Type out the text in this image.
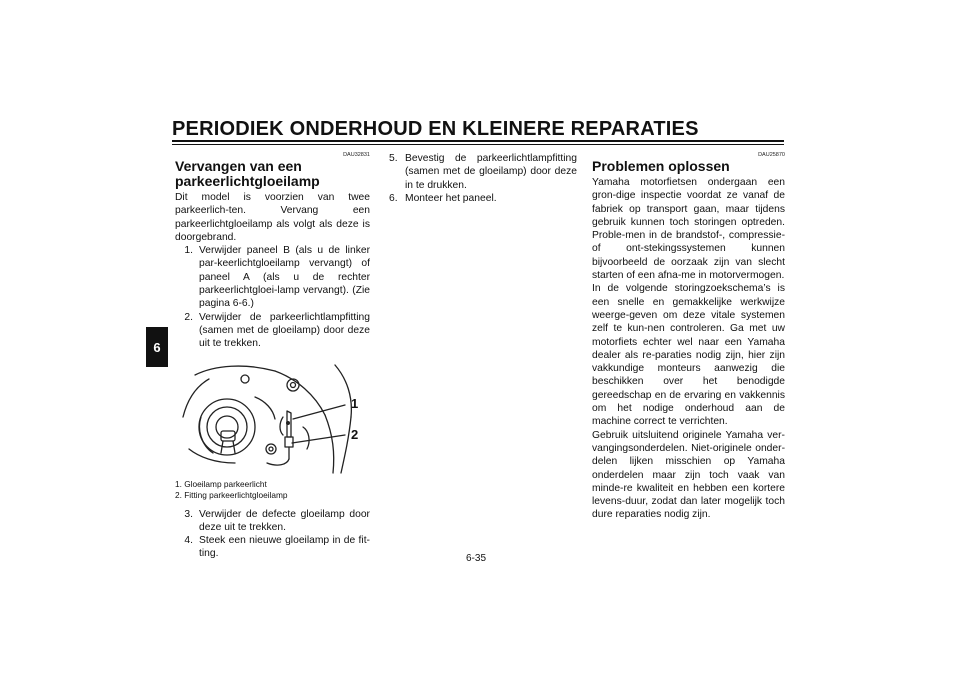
PERIODIEK ONDERHOUD EN KLEINERE REPARATIES
6
DAU32831
Vervangen van een parkeerlichtgloeilamp

Dit model is voorzien van twee parkeerlich-ten. Vervang een parkeerlichtgloeilamp als volgt als deze is doorgebrand.

1. Verwijder paneel B (als u de linker par-keerlichtgloeilamp vervangt) of paneel A (als u de rechter parkeerlichtgloei-lamp vervangt). (Zie pagina 6-6.)
2. Verwijder de parkeerlichtlampfitting (samen met de gloeilamp) door deze uit te trekken.
1
2
1. Gloeilamp parkeerlicht
2. Fitting parkeerlichtgloeilamp
3. Verwijder de defecte gloeilamp door deze uit te trekken.
4. Steek een nieuwe gloeilamp in de fit-ting.
5. Bevestig de parkeerlichtlampfitting (samen met de gloeilamp) door deze in te drukken.
6. Monteer het paneel.
DAU25870
Problemen oplossen

Yamaha motorfietsen ondergaan een gron-dige inspectie voordat ze vanaf de fabriek op transport gaan, maar tijdens gebruik kunnen toch storingen optreden. Proble-men in de brandstof-, compressie- of ont-stekingssystemen kunnen bijvoorbeeld de oorzaak zijn van slecht starten of een afna-me in motorvermogen.

In de volgende storingzoekschema’s is een snelle en gemakkelijke werkwijze weerge-geven om deze vitale systemen zelf te kun-nen controleren. Ga met uw motorfiets echter wel naar een Yamaha dealer als re-paraties nodig zijn, hier zijn vakkundige monteurs aanwezig die beschikken over het benodigde gereedschap en de ervaring en vakkennis om het nodige onderhoud aan de machine correct te verrichten.

Gebruik uitsluitend originele Yamaha ver-vangingsonderdelen. Niet-originele onder-delen lijken misschien op Yamaha onderdelen maar zijn toch vaak van minde-re kwaliteit en hebben een kortere levens-duur, zodat dan later mogelijk toch dure reparaties nodig zijn.

6-35
